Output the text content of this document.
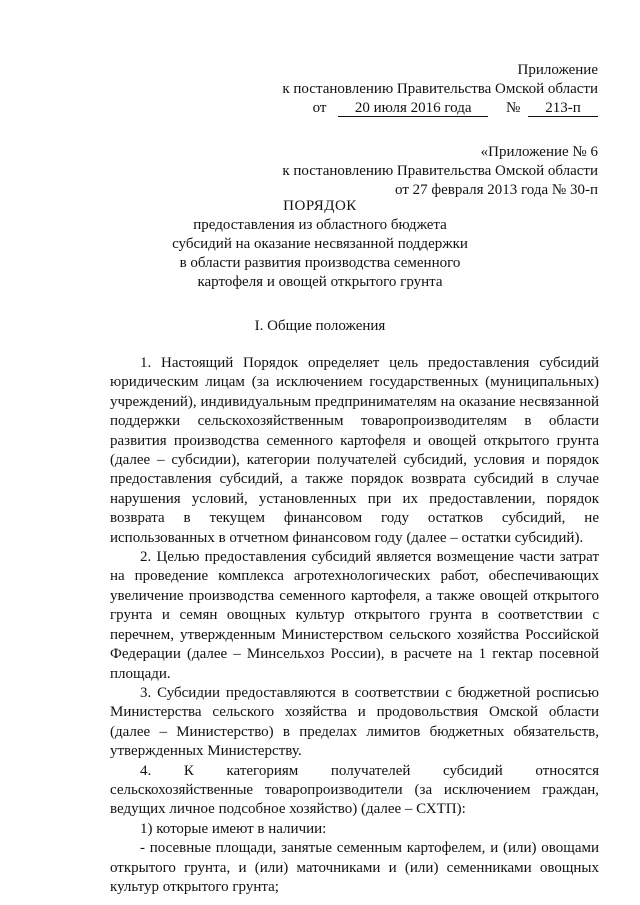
Приложение
к постановлению Правительства Омской области
от 20 июля 2016 года № 213-п
«Приложение № 6
к постановлению Правительства Омской области
от 27 февраля 2013 года № 30-п
ПОРЯДОК
предоставления из областного бюджета
субсидий на оказание несвязанной поддержки
в области развития производства семенного
картофеля и овощей открытого грунта
I. Общие положения

1. Настоящий Порядок определяет цель предоставления субсидий юридическим лицам (за исключением государственных (муниципальных) учреждений), индивидуальным предпринимателям на оказание несвязанной поддержки сельскохозяйственным товаропроизводителям в области развития производства семенного картофеля и овощей открытого грунта (далее – субсидии), категории получателей субсидий, условия и порядок предоставления субсидий, а также порядок возврата субсидий в случае нарушения условий, установленных при их предоставлении, порядок возврата в текущем финансовом году остатков субсидий, не использованных в отчетном финансовом году (далее – остатки субсидий).

2. Целью предоставления субсидий является возмещение части затрат на проведение комплекса агротехнологических работ, обеспечивающих увеличение производства семенного картофеля, а также овощей открытого грунта и семян овощных культур открытого грунта в соответствии с перечнем, утвержденным Министерством сельского хозяйства Российской Федерации (далее – Минсельхоз России), в расчете на 1 гектар посевной площади.

3. Субсидии предоставляются в соответствии с бюджетной росписью Министерства сельского хозяйства и продовольствия Омской области (далее – Министерство) в пределах лимитов бюджетных обязательств, утвержденных Министерству.

4. К категориям получателей субсидий относятся сельскохозяйственные товаропроизводители (за исключением граждан, ведущих личное подсобное хозяйство) (далее – СХТП):

1) которые имеют в наличии:

- посевные площади, занятые семенным картофелем, и (или) овощами открытого грунта, и (или) маточниками и (или) семенниками овощных культур открытого грунта;
